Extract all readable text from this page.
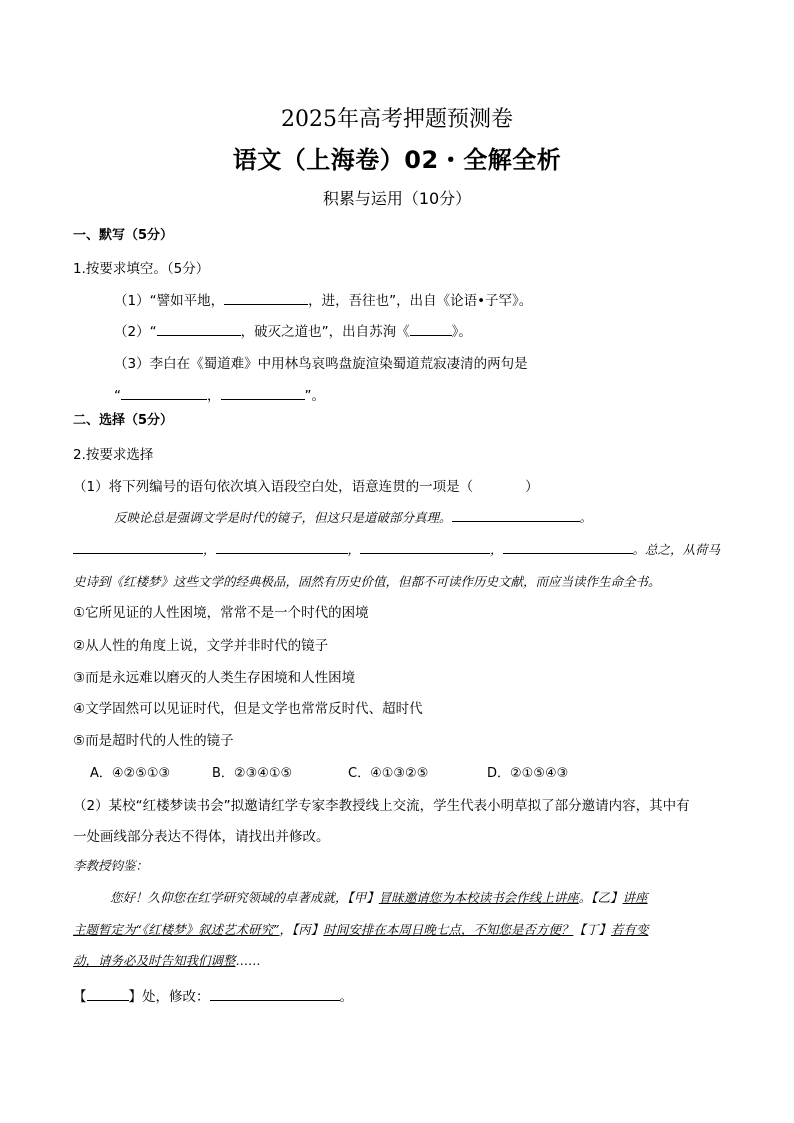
2025年高考押题预测卷
语文（上海卷）02・全解全析
积累与运用（10分）
一、默写（5分）
1.按要求填空。（5分）
（1）“譬如平地，	，进，吾往也”，出自《论语•子罕》。
（2）“	，破灭之道也”，出自苏洵《	》。
（3）李白在《蜀道难》中用林鸟哀鸣盘旋渲染蜀道荒寂凄清的两句是
“	，	”。
二、选择（5分）
2.按要求选择
（1）将下列编号的语句依次填入语段空白处，语意连贯的一项是（	）
反映论总是强调文学是时代的镜子，但这只是道破部分真理。	。
，	，	，	。总之，从荷马
史诗到《红楼梦》这些文学的经典极品，固然有历史价值，但都不可读作历史文献，而应当读作生命全书。
①它所见证的人性困境，常常不是一个时代的困境
②从人性的角度上说，文学并非时代的镜子
③而是永远难以磨灭的人类生存困境和人性困境
④文学固然可以见证时代，但是文学也常常反时代、超时代
⑤而是超时代的人性的镜子
A．④②⑤①③	B．②③④①⑤	C．④①③②⑤	D．②①⑤④③
（2）某校“红楼梦读书会”拟邀请红学专家李教授线上交流，学生代表小明草拟了部分邀请内容，其中有
一处画线部分表达不得体，请找出并修改。
李教授钧鉴：
您好！久仰您在红学研究领域的卓著成就，【甲】冒昧邀请您为本校读书会作线上讲座。【乙】讲座
主题暂定为“《红楼梦》叙述艺术研究”，【丙】时间安排在本周日晚七点，不知您是否方便？【丁】若有变
动，请务必及时告知我们调整……
【	】处，修改：	。
